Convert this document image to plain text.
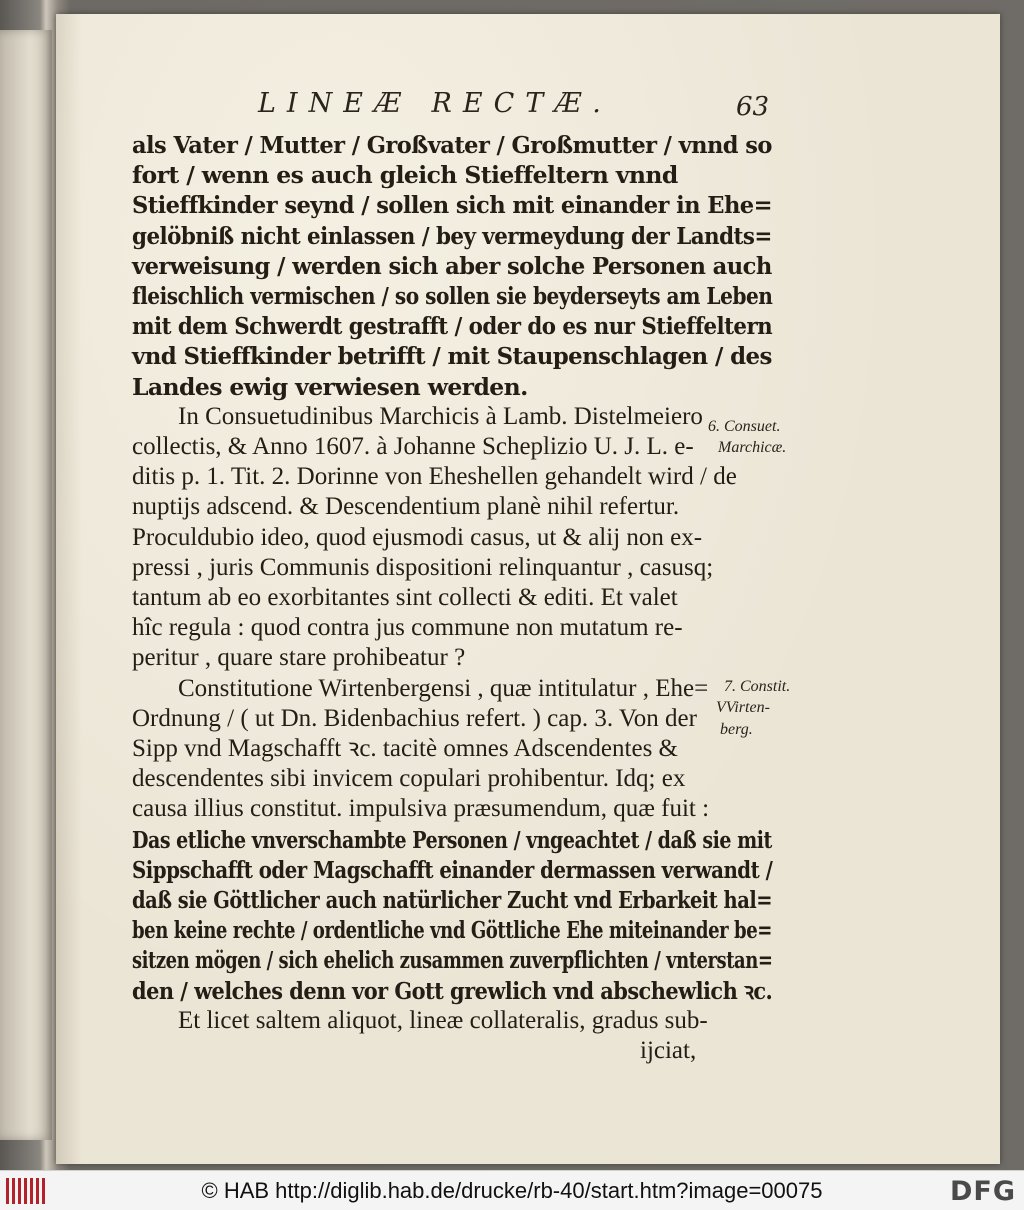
LINEÆ RECTÆ.	63
als Vater / Mutter / Großvater / Großmutter / vnnd so
fort / wenn es auch gleich Stieffeltern vnnd
Stieffkinder seynd / sollen sich mit einander in Ehe=
gelöbniß nicht einlassen / bey vermeydung der Landts=
verweisung / werden sich aber solche Personen auch
fleischlich vermischen / so sollen sie beyderseyts am Leben
mit dem Schwerdt gestrafft / oder do es nur Stieffeltern
vnd Stieffkinder betrifft / mit Staupenschlagen / des
Landes ewig verwiesen werden.
In Consuetudinibus Marchicis à Lamb. Distelmeiero
collectis, & Anno 1607. à Johanne Scheplizio U. J. L. e-
ditis p. 1. Tit. 2. Dorinne von Eheshellen gehandelt wird / de
nuptijs adscend. & Descendentium planè nihil refertur.
Proculdubio ideo, quod ejusmodi casus, ut & alij non ex-
pressi , juris Communis dispositioni relinquantur , casusq;
tantum ab eo exorbitantes sint collecti & editi. Et valet
hîc regula : quod contra jus commune non mutatum re-
peritur , quare stare prohibeatur ?
Constitutione Wirtenbergensi , quæ intitulatur , Ehe=
Ordnung / ( ut Dn. Bidenbachius refert. ) cap. 3. Von der
Sipp vnd Magschafft ꝛc. tacitè omnes Adscendentes &
descendentes sibi invicem copulari prohibentur. Idq; ex
causa illius constitut. impulsiva præsumendum, quæ fuit :
Das etliche vnverschambte Personen / vngeachtet / daß sie mit
Sippschafft oder Magschafft einander dermassen verwandt /
daß sie Göttlicher auch natürlicher Zucht vnd Erbarkeit hal=
ben keine rechte / ordentliche vnd Göttliche Ehe miteinander be=
sitzen mögen / sich ehelich zusammen zuverpflichten / vnterstan=
den / welches denn vor Gott grewlich vnd abschewlich ꝛc.
Et licet saltem aliquot, lineæ collateralis, gradus sub-
ijciat,
6. Consuet.
Marchicæ.
7. Constit.
VVirten-
berg.
© HAB http://diglib.hab.de/drucke/rb-40/start.htm?image=00075	DFG
